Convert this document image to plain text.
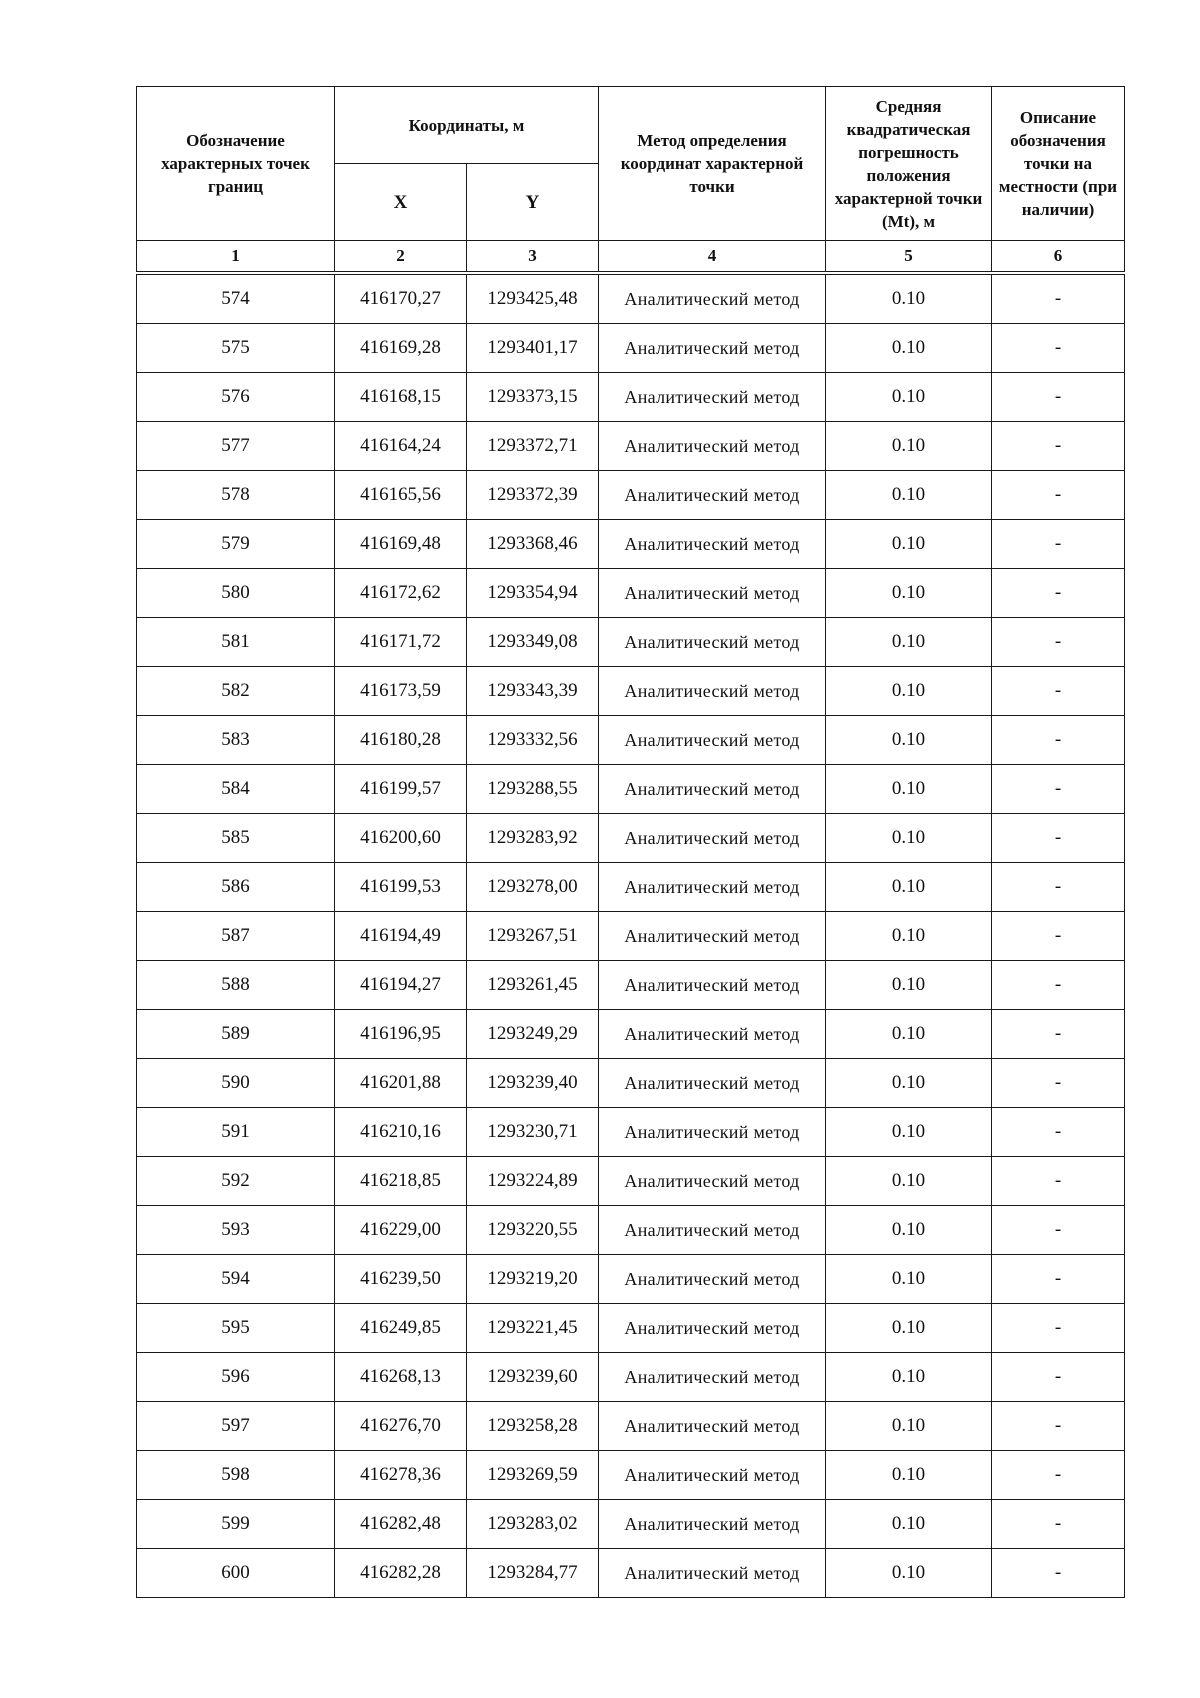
Обозначение характерных точек границ	Координаты, м		Метод определения координат характерной точки	Средняя квадратическая погрешность положения характерной точки (Mt), м	Описание обозначения точки на местности (при наличии)
	X	Y			
1	2	3	4	5	6
574	416170,27	1293425,48	Аналитический метод	0.10	-
575	416169,28	1293401,17	Аналитический метод	0.10	-
576	416168,15	1293373,15	Аналитический метод	0.10	-
577	416164,24	1293372,71	Аналитический метод	0.10	-
578	416165,56	1293372,39	Аналитический метод	0.10	-
579	416169,48	1293368,46	Аналитический метод	0.10	-
580	416172,62	1293354,94	Аналитический метод	0.10	-
581	416171,72	1293349,08	Аналитический метод	0.10	-
582	416173,59	1293343,39	Аналитический метод	0.10	-
583	416180,28	1293332,56	Аналитический метод	0.10	-
584	416199,57	1293288,55	Аналитический метод	0.10	-
585	416200,60	1293283,92	Аналитический метод	0.10	-
586	416199,53	1293278,00	Аналитический метод	0.10	-
587	416194,49	1293267,51	Аналитический метод	0.10	-
588	416194,27	1293261,45	Аналитический метод	0.10	-
589	416196,95	1293249,29	Аналитический метод	0.10	-
590	416201,88	1293239,40	Аналитический метод	0.10	-
591	416210,16	1293230,71	Аналитический метод	0.10	-
592	416218,85	1293224,89	Аналитический метод	0.10	-
593	416229,00	1293220,55	Аналитический метод	0.10	-
594	416239,50	1293219,20	Аналитический метод	0.10	-
595	416249,85	1293221,45	Аналитический метод	0.10	-
596	416268,13	1293239,60	Аналитический метод	0.10	-
597	416276,70	1293258,28	Аналитический метод	0.10	-
598	416278,36	1293269,59	Аналитический метод	0.10	-
599	416282,48	1293283,02	Аналитический метод	0.10	-
600	416282,28	1293284,77	Аналитический метод	0.10	-
